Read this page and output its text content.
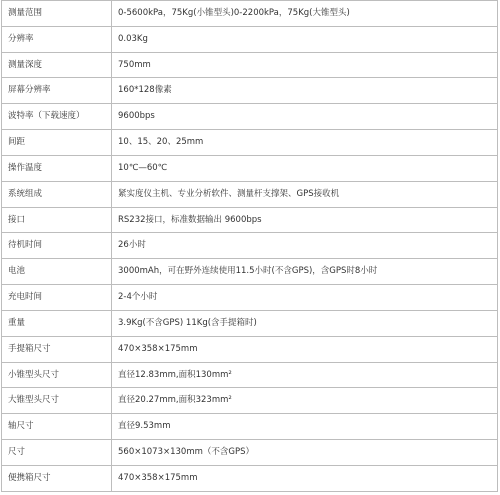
测量范围	0-5600kPa，75Kg(小锥型头)0-2200kPa，75Kg(大锥型头)
分辨率	0.03Kg
测量深度	750mm
屏幕分辨率	160*128像素
波特率（下载速度）	9600bps
间距	10、15、20、25mm
操作温度	10℃—60℃
系统组成	紧实度仪主机、专业分析软件、测量杆支撑架、GPS接收机
接口	RS232接口，标准数据输出 9600bps
待机时间	26小时
电池	3000mAh，可在野外连续使用11.5小时(不含GPS)，含GPS时8小时
充电时间	2-4个小时
重量	3.9Kg(不含GPS) 11Kg(含手提箱时)
手提箱尺寸	470×358×175mm
小锥型头尺寸	直径12.83mm,面积130mm²
大锥型头尺寸	直径20.27mm,面积323mm²
轴尺寸	直径9.53mm
尺寸	560×1073×130mm（不含GPS）
便携箱尺寸	470×358×175mm
